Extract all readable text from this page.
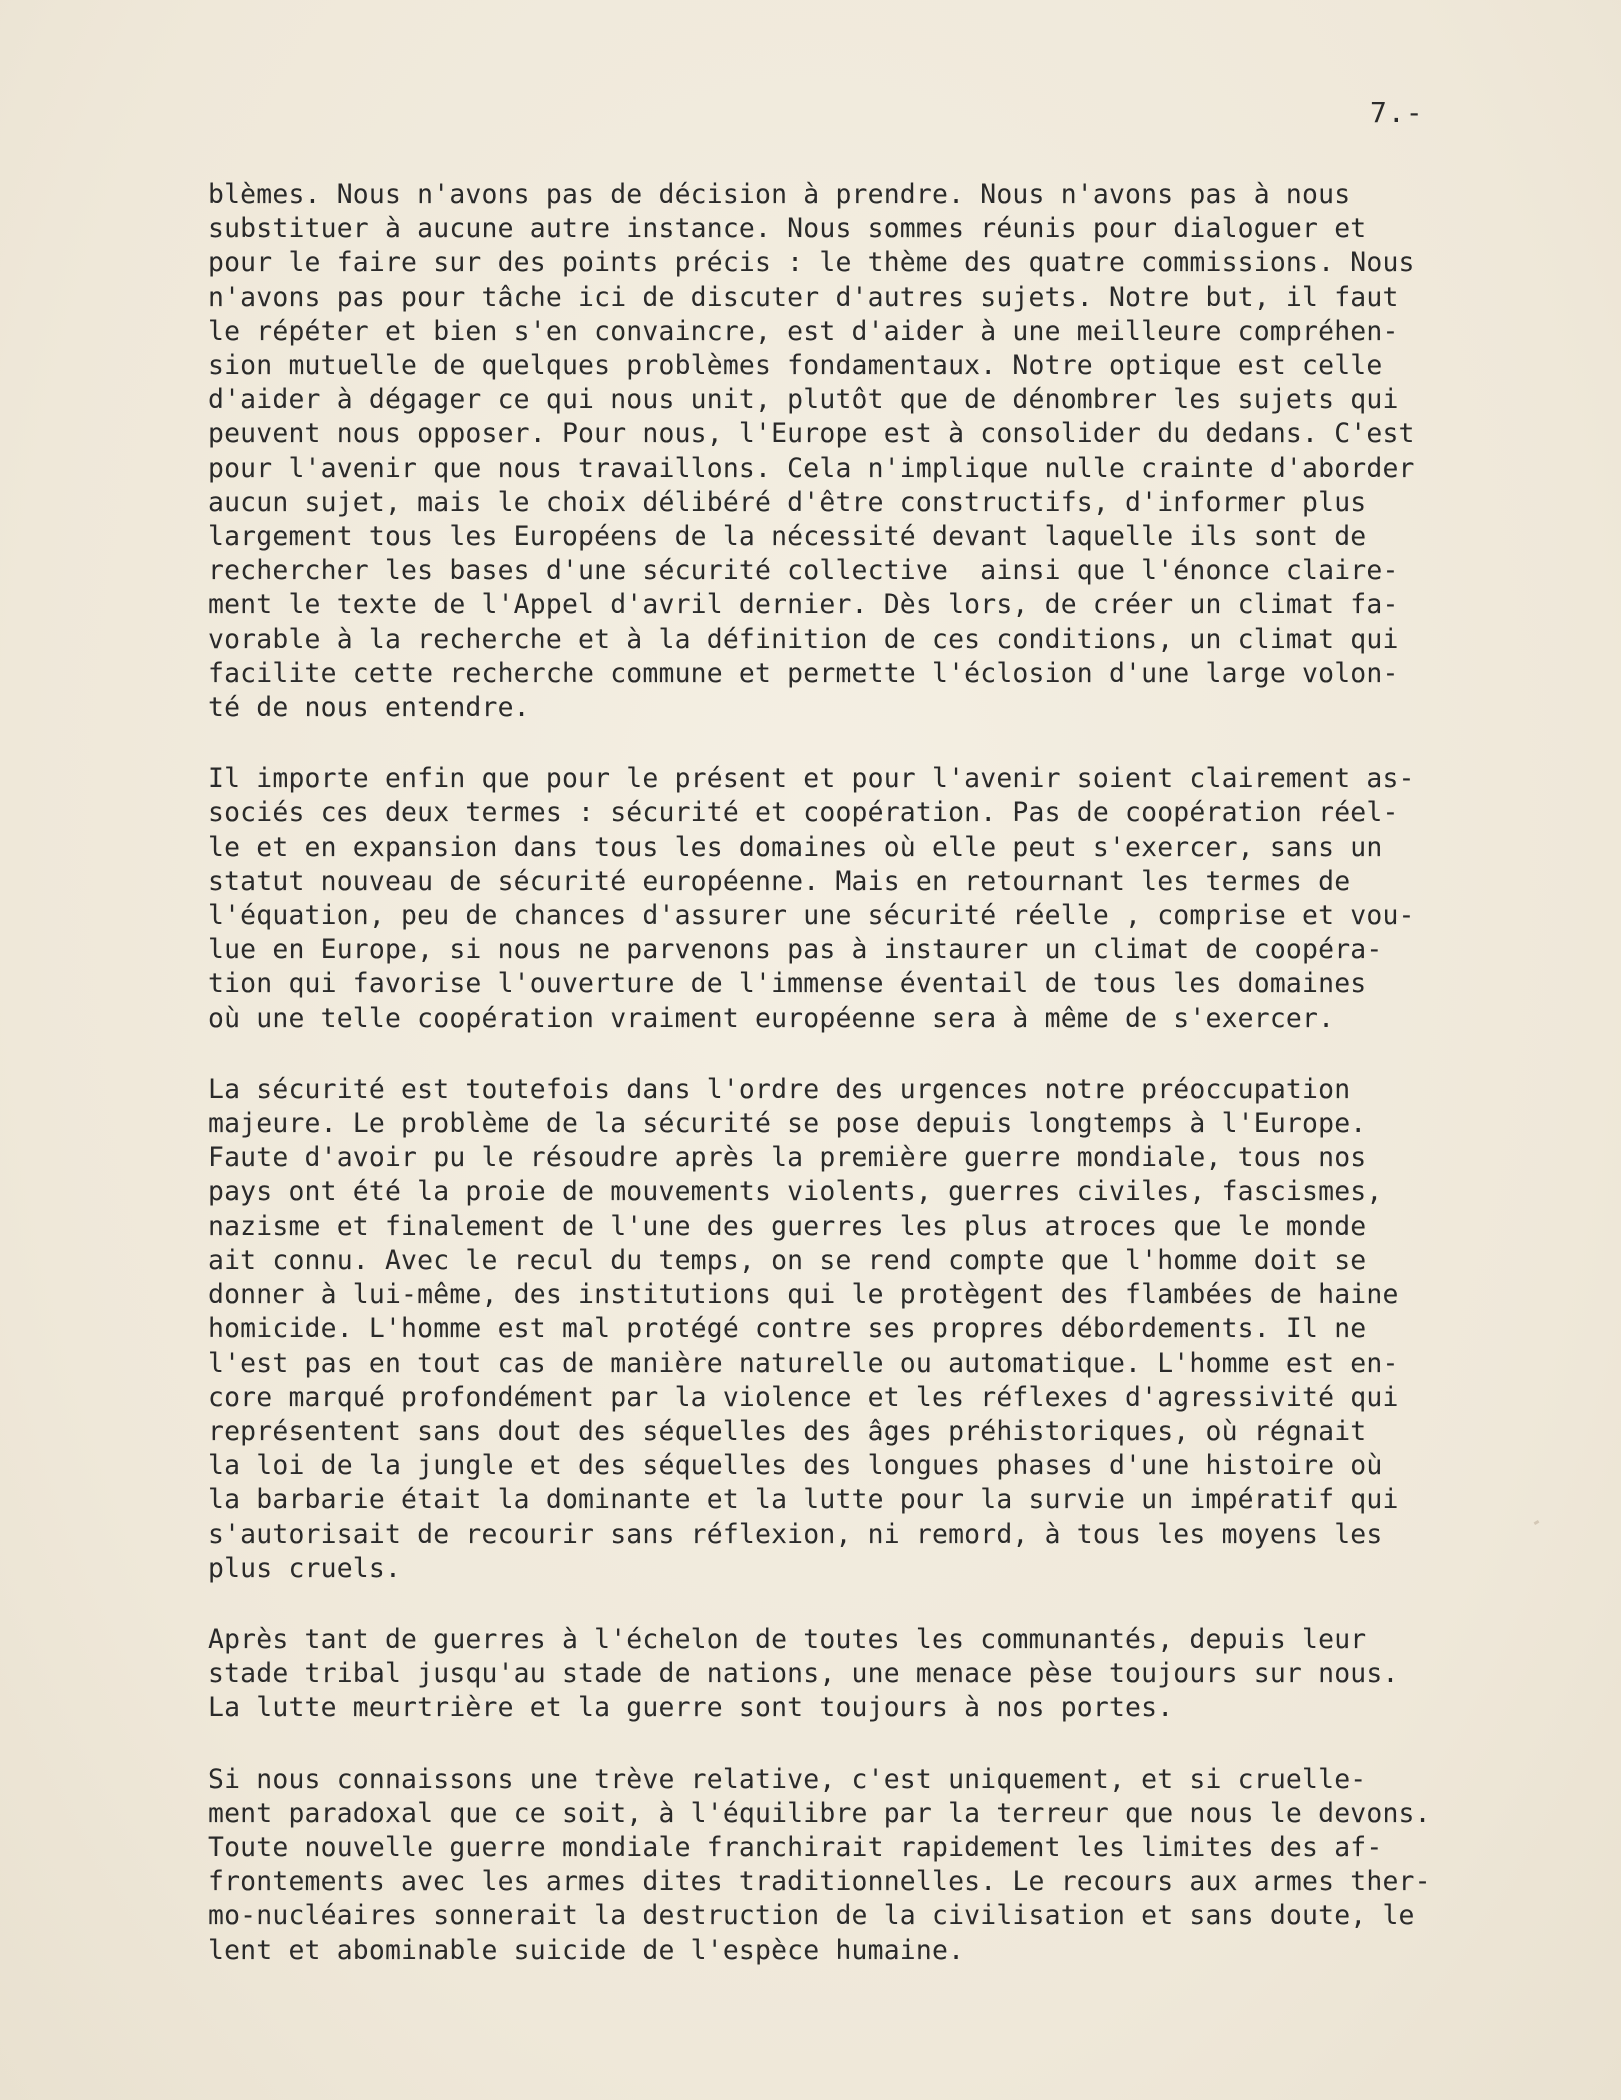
7.-

blèmes. Nous n'avons pas de décision à prendre. Nous n'avons pas à nous
substituer à aucune autre instance. Nous sommes réunis pour dialoguer et
pour le faire sur des points précis : le thème des quatre commissions. Nous
n'avons pas pour tâche ici de discuter d'autres sujets. Notre but, il faut
le répéter et bien s'en convaincre, est d'aider à une meilleure compréhen-
sion mutuelle de quelques problèmes fondamentaux. Notre optique est celle
d'aider à dégager ce qui nous unit, plutôt que de dénombrer les sujets qui
peuvent nous opposer. Pour nous, l'Europe est à consolider du dedans. C'est
pour l'avenir que nous travaillons. Cela n'implique nulle crainte d'aborder
aucun sujet, mais le choix délibéré d'être constructifs, d'informer plus
largement tous les Européens de la nécessité devant laquelle ils sont de
rechercher les bases d'une sécurité collective  ainsi que l'énonce claire-
ment le texte de l'Appel d'avril dernier. Dès lors, de créer un climat fa-
vorable à la recherche et à la définition de ces conditions, un climat qui
facilite cette recherche commune et permette l'éclosion d'une large volon-
té de nous entendre.

Il importe enfin que pour le présent et pour l'avenir soient clairement as-
sociés ces deux termes : sécurité et coopération. Pas de coopération réel-
le et en expansion dans tous les domaines où elle peut s'exercer, sans un
statut nouveau de sécurité européenne. Mais en retournant les termes de
l'équation, peu de chances d'assurer une sécurité réelle , comprise et vou-
lue en Europe, si nous ne parvenons pas à instaurer un climat de coopéra-
tion qui favorise l'ouverture de l'immense éventail de tous les domaines
où une telle coopération vraiment européenne sera à même de s'exercer.

La sécurité est toutefois dans l'ordre des urgences notre préoccupation
majeure. Le problème de la sécurité se pose depuis longtemps à l'Europe.
Faute d'avoir pu le résoudre après la première guerre mondiale, tous nos
pays ont été la proie de mouvements violents, guerres civiles, fascismes,
nazisme et finalement de l'une des guerres les plus atroces que le monde
ait connu. Avec le recul du temps, on se rend compte que l'homme doit se
donner à lui-même, des institutions qui le protègent des flambées de haine
homicide. L'homme est mal protégé contre ses propres débordements. Il ne
l'est pas en tout cas de manière naturelle ou automatique. L'homme est en-
core marqué profondément par la violence et les réflexes d'agressivité qui
représentent sans dout des séquelles des âges préhistoriques, où régnait
la loi de la jungle et des séquelles des longues phases d'une histoire où
la barbarie était la dominante et la lutte pour la survie un impératif qui
s'autorisait de recourir sans réflexion, ni remord, à tous les moyens les
plus cruels.

Après tant de guerres à l'échelon de toutes les communantés, depuis leur
stade tribal jusqu'au stade de nations, une menace pèse toujours sur nous.
La lutte meurtrière et la guerre sont toujours à nos portes.

Si nous connaissons une trève relative, c'est uniquement, et si cruelle-
ment paradoxal que ce soit, à l'équilibre par la terreur que nous le devons.
Toute nouvelle guerre mondiale franchirait rapidement les limites des af-
frontements avec les armes dites traditionnelles. Le recours aux armes ther-
mo-nucléaires sonnerait la destruction de la civilisation et sans doute, le
lent et abominable suicide de l'espèce humaine.
